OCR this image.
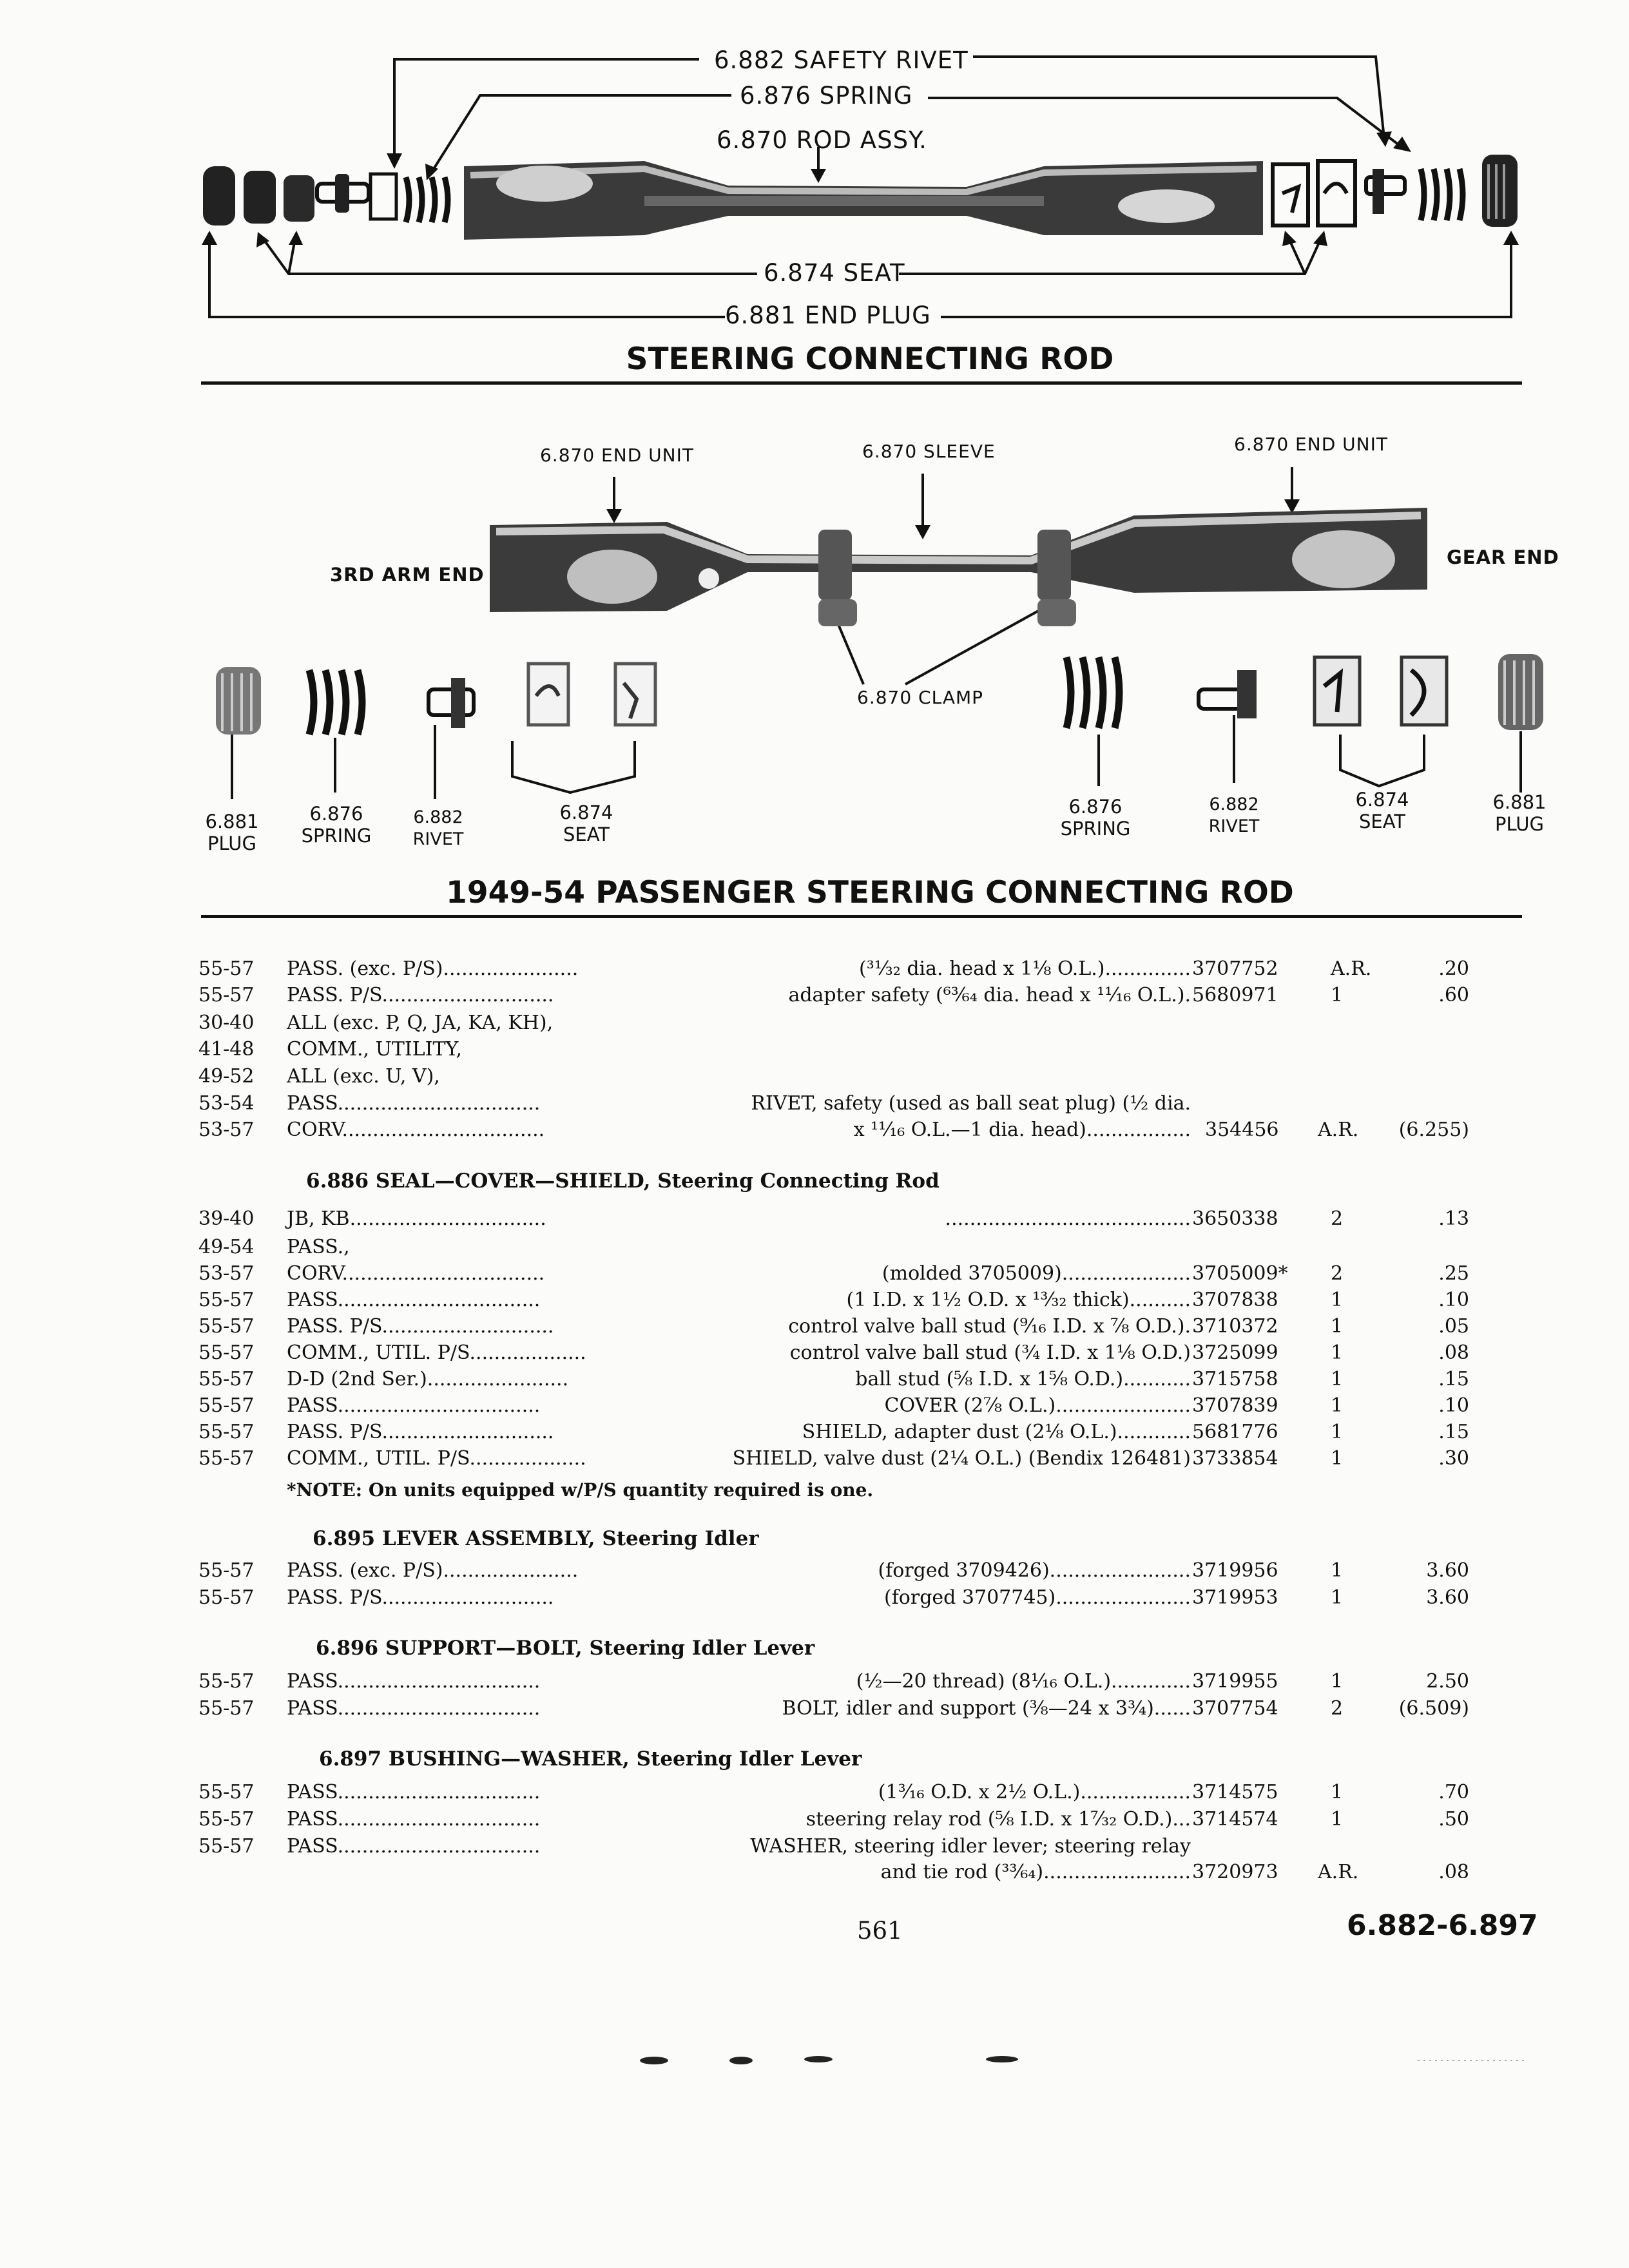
6.882 SAFETY RIVET
6.876 SPRING
6.870 ROD ASSY.
6.874 SEAT
6.881 END PLUG
STEERING CONNECTING ROD
6.870 END UNIT	6.870 SLEEVE	6.870 END UNIT
3RD ARM END
GEAR END
6.870 CLAMP
6.881
PLUG
6.876
SPRING
6.882
RIVET
6.874
SEAT
6.876
SPRING
6.882
RIVET
6.874
SEAT
6.881
PLUG
1949-54 PASSENGER STEERING CONNECTING ROD
55-57 PASS. (exc. P/S)......................	(³¹⁄₃₂ dia. head x 1⅛ O.L.).............. 3707752	A.R.	.20
55-57 PASS. P/S............................	adapter safety (⁶³⁄₆₄ dia. head x ¹¹⁄₁₆ O.L.). 5680971	1	.60
30-40 ALL (exc. P, Q, JA, KA, KH),
41-48 COMM., UTILITY,
49-52 ALL (exc. U, V),
53-54 PASS.................................	RIVET, safety (used as ball seat plug) (½ dia.
53-57 CORV.................................	x ¹¹⁄₁₆ O.L.—1 dia. head)................. 354456 A.R.	(6.255)
6.886 SEAL—COVER—SHIELD, Steering Connecting Rod
39-40 JB, KB................................	........................................ 3650338	2	.13
49-54 PASS.,
53-57 CORV.................................	(molded 3705009)..................... 3705009* 2	.25
55-57 PASS.................................	(1 I.D. x 1½ O.D. x ¹³⁄₃₂ thick).......... 3707838	1	.10
55-57 PASS. P/S............................	control valve ball stud (⁹⁄₁₆ I.D. x ⅞ O.D.). 3710372	1	.05
55-57 COMM., UTIL. P/S...................	control valve ball stud (¾ I.D. x 1⅛ O.D.) 3725099	1	.08
55-57 D-D (2nd Ser.).......................	ball stud (⅝ I.D. x 1⅝ O.D.)........... 3715758	1	.15
55-57 PASS.................................	COVER (2⅞ O.L.)...................... 3707839	1	.10
55-57 PASS. P/S............................	SHIELD, adapter dust (2⅛ O.L.)............ 5681776	1	.15
55-57 COMM., UTIL. P/S...................	SHIELD, valve dust (2¼ O.L.) (Bendix 126481) 3733854	1	.30
*NOTE: On units equipped w/P/S quantity required is one.
6.895 LEVER ASSEMBLY, Steering Idler
55-57 PASS. (exc. P/S)......................	(forged 3709426)....................... 3719956	1	3.60
55-57 PASS. P/S............................	(forged 3707745)...................... 3719953	1	3.60
6.896 SUPPORT—BOLT, Steering Idler Lever
55-57 PASS.................................	(½—20 thread) (8¹⁄₁₆ O.L.)............. 3719955	1	2.50
55-57 PASS.................................	BOLT, idler and support (⅜—24 x 3¾)...... 3707754	2	(6.509)
6.897 BUSHING—WASHER, Steering Idler Lever
55-57 PASS.................................	(1³⁄₁₆ O.D. x 2½ O.L.).................. 3714575	1	.70
55-57 PASS.................................	steering relay rod (⅝ I.D. x 1⁷⁄₃₂ O.D.)... 3714574	1	.50
55-57 PASS.................................	WASHER, steering idler lever; steering relay
and tie rod (³³⁄₆₄)........................ 3720973 A.R.	.08
561	6.882-6.897
